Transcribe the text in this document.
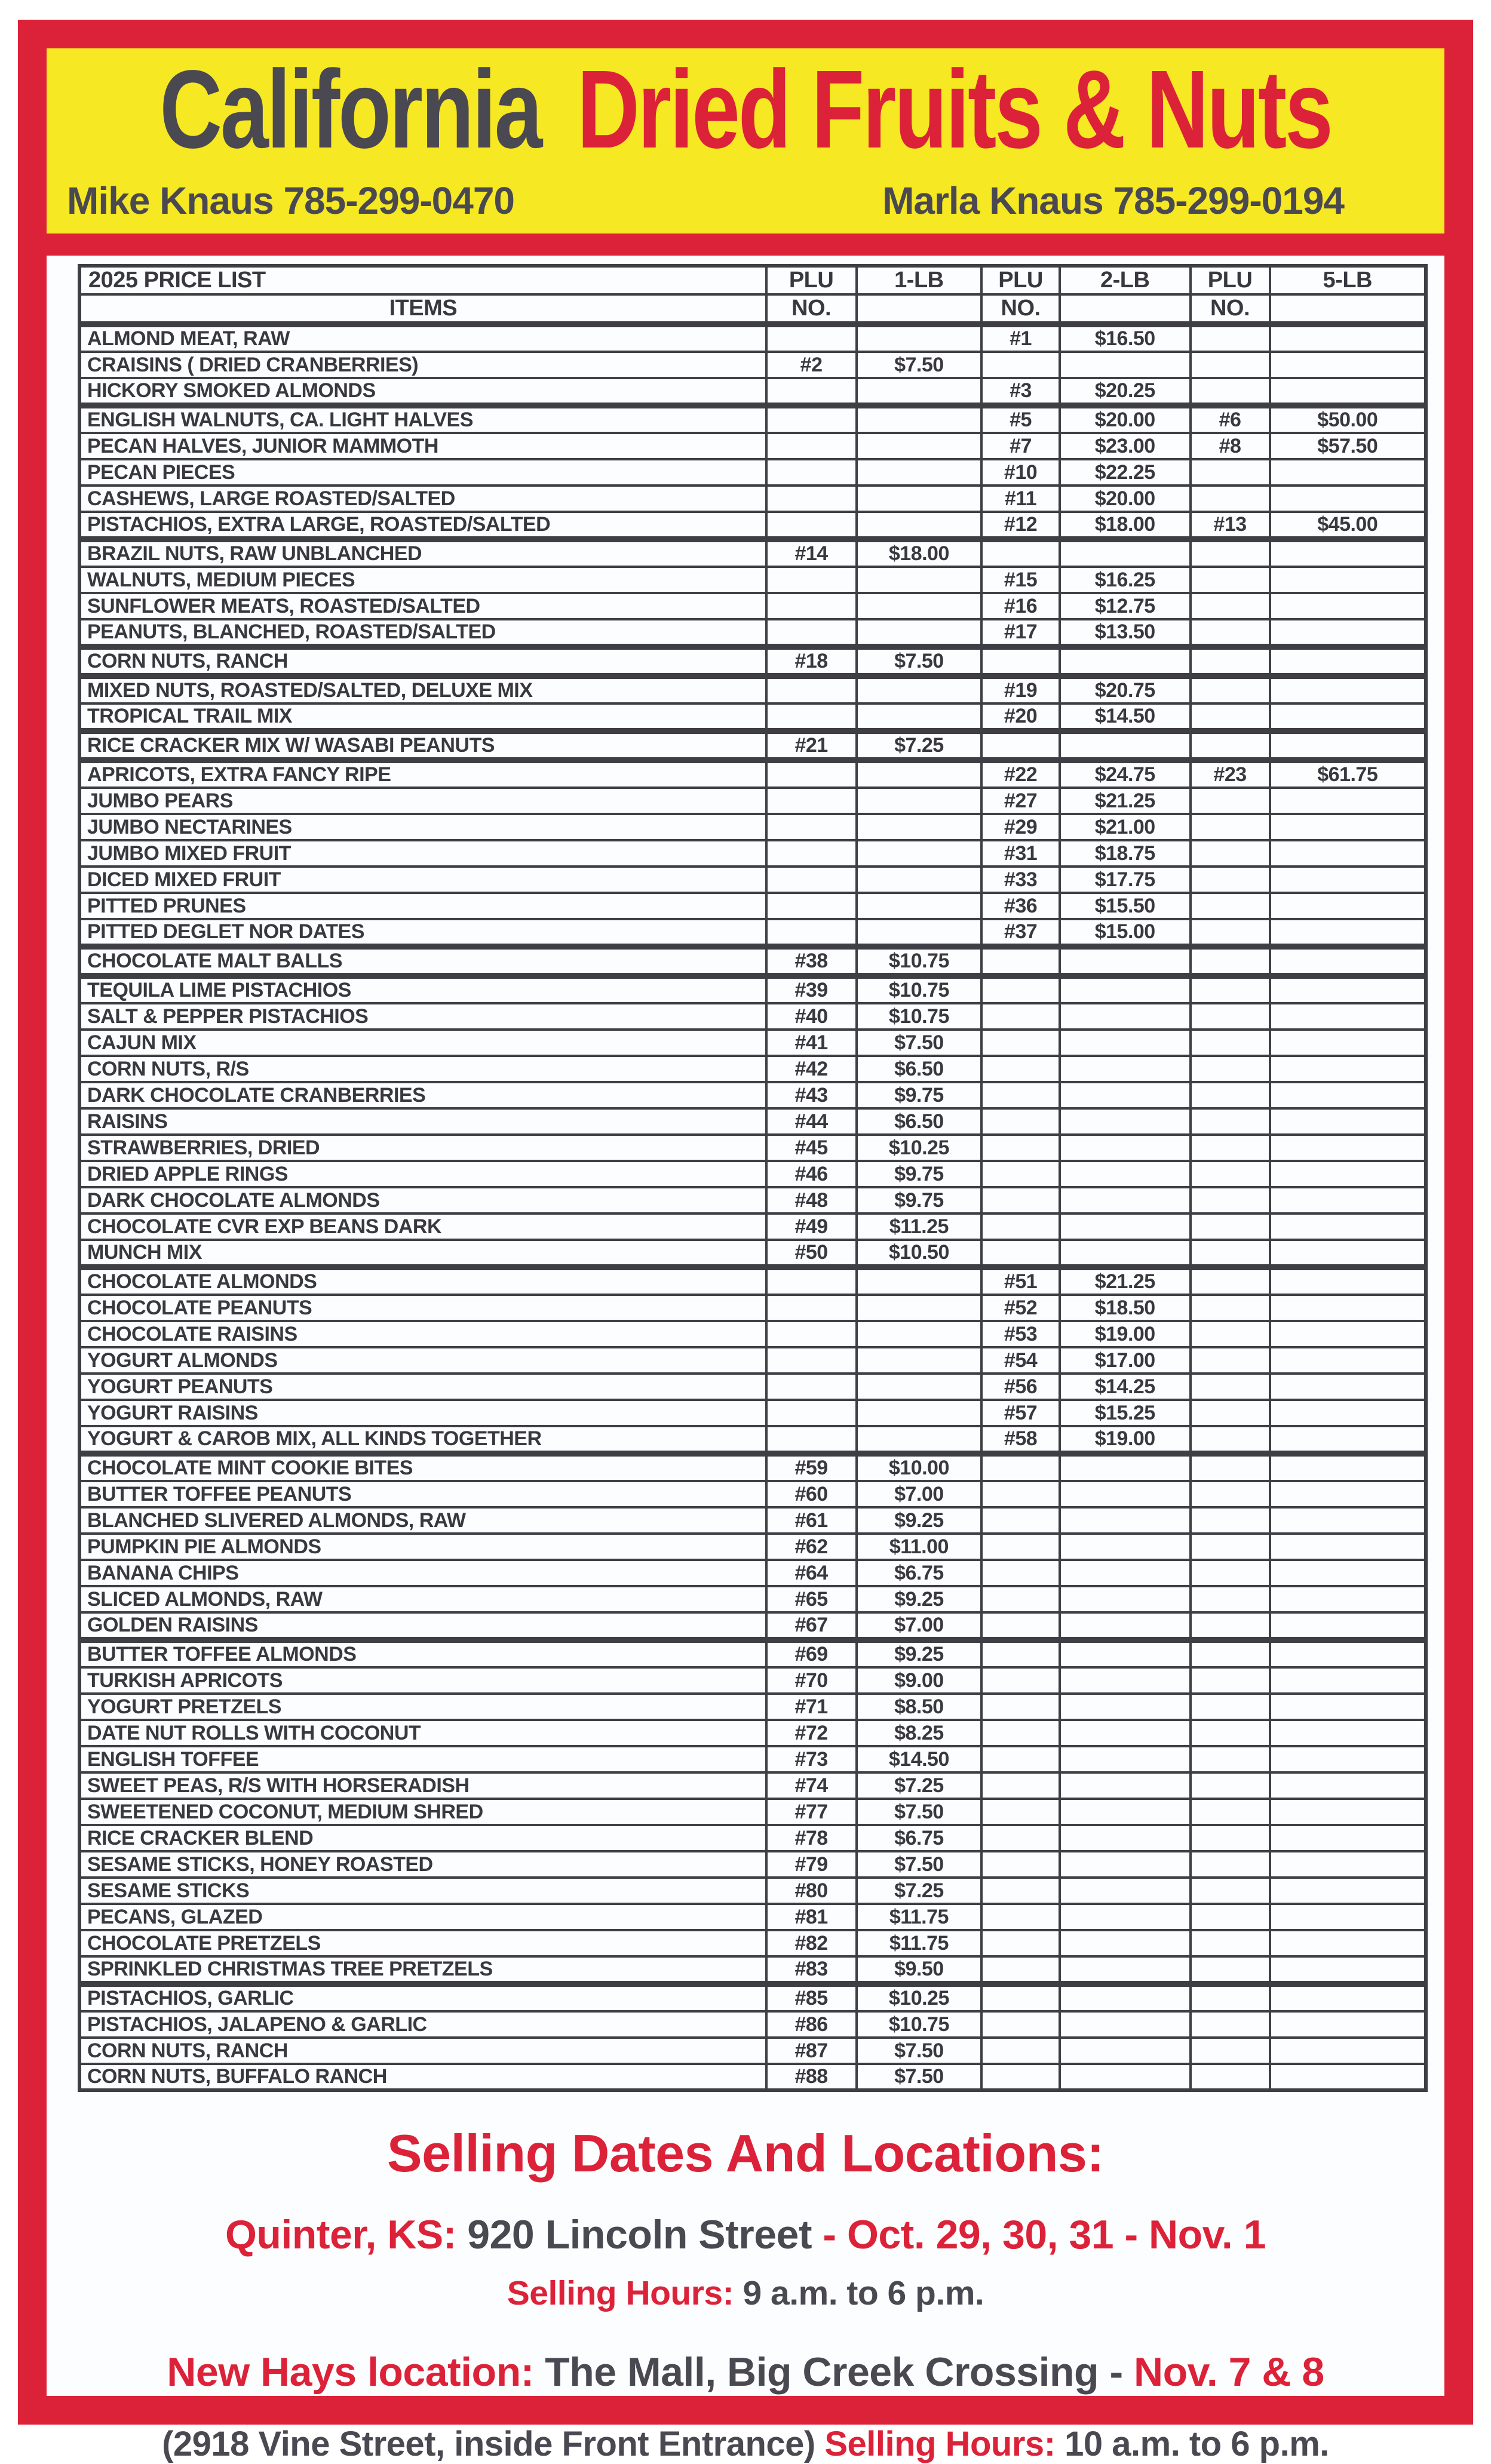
California Dried Fruits & Nuts
Mike Knaus 785-299-0470	Marla Knaus 785-299-0194
2025 PRICE LIST	PLU	1-LB	PLU	2-LB	PLU	5-LB
ITEMS	NO.		NO.		NO.	
ALMOND MEAT, RAW			#1	$16.50		
CRAISINS ( DRIED CRANBERRIES)	#2	$7.50				
HICKORY SMOKED ALMONDS			#3	$20.25		
ENGLISH WALNUTS, CA. LIGHT HALVES			#5	$20.00	#6	$50.00
PECAN HALVES, JUNIOR MAMMOTH			#7	$23.00	#8	$57.50
PECAN PIECES			#10	$22.25		
CASHEWS, LARGE ROASTED/SALTED			#11	$20.00		
PISTACHIOS, EXTRA LARGE, ROASTED/SALTED			#12	$18.00	#13	$45.00
BRAZIL NUTS, RAW UNBLANCHED	#14	$18.00				
WALNUTS, MEDIUM PIECES			#15	$16.25		
SUNFLOWER MEATS, ROASTED/SALTED			#16	$12.75		
PEANUTS, BLANCHED, ROASTED/SALTED			#17	$13.50		
CORN NUTS, RANCH	#18	$7.50				
MIXED NUTS, ROASTED/SALTED, DELUXE MIX			#19	$20.75		
TROPICAL TRAIL MIX			#20	$14.50		
RICE CRACKER MIX W/ WASABI PEANUTS	#21	$7.25				
APRICOTS, EXTRA FANCY RIPE			#22	$24.75	#23	$61.75
JUMBO PEARS			#27	$21.25		
JUMBO NECTARINES			#29	$21.00		
JUMBO MIXED FRUIT			#31	$18.75		
DICED MIXED FRUIT			#33	$17.75		
PITTED PRUNES			#36	$15.50		
PITTED DEGLET NOR DATES			#37	$15.00		
CHOCOLATE MALT BALLS	#38	$10.75				
TEQUILA LIME PISTACHIOS	#39	$10.75				
SALT & PEPPER PISTACHIOS	#40	$10.75				
CAJUN MIX	#41	$7.50				
CORN NUTS, R/S	#42	$6.50				
DARK CHOCOLATE CRANBERRIES	#43	$9.75				
RAISINS	#44	$6.50				
STRAWBERRIES, DRIED	#45	$10.25				
DRIED APPLE RINGS	#46	$9.75				
DARK CHOCOLATE ALMONDS	#48	$9.75				
CHOCOLATE CVR EXP BEANS DARK	#49	$11.25				
MUNCH MIX	#50	$10.50				
CHOCOLATE ALMONDS			#51	$21.25		
CHOCOLATE PEANUTS			#52	$18.50		
CHOCOLATE RAISINS			#53	$19.00		
YOGURT ALMONDS			#54	$17.00		
YOGURT PEANUTS			#56	$14.25		
YOGURT RAISINS			#57	$15.25		
YOGURT & CAROB MIX, ALL KINDS TOGETHER			#58	$19.00		
CHOCOLATE MINT COOKIE BITES	#59	$10.00				
BUTTER TOFFEE PEANUTS	#60	$7.00				
BLANCHED SLIVERED ALMONDS, RAW	#61	$9.25				
PUMPKIN PIE ALMONDS	#62	$11.00				
BANANA CHIPS	#64	$6.75				
SLICED ALMONDS, RAW	#65	$9.25				
GOLDEN RAISINS	#67	$7.00				
BUTTER TOFFEE ALMONDS	#69	$9.25				
TURKISH APRICOTS	#70	$9.00				
YOGURT PRETZELS	#71	$8.50				
DATE NUT ROLLS WITH COCONUT	#72	$8.25				
ENGLISH TOFFEE	#73	$14.50				
SWEET PEAS, R/S WITH HORSERADISH	#74	$7.25				
SWEETENED COCONUT, MEDIUM SHRED	#77	$7.50				
RICE CRACKER BLEND	#78	$6.75				
SESAME STICKS, HONEY ROASTED	#79	$7.50				
SESAME STICKS	#80	$7.25				
PECANS, GLAZED	#81	$11.75				
CHOCOLATE PRETZELS	#82	$11.75				
SPRINKLED CHRISTMAS TREE PRETZELS	#83	$9.50				
PISTACHIOS, GARLIC	#85	$10.25				
PISTACHIOS, JALAPENO & GARLIC	#86	$10.75				
CORN NUTS, RANCH	#87	$7.50				
CORN NUTS, BUFFALO RANCH	#88	$7.50				
Selling Dates And Locations:
Quinter, KS: 920 Lincoln Street - Oct. 29, 30, 31 - Nov. 1
Selling Hours: 9 a.m. to 6 p.m.
New Hays location: The Mall, Big Creek Crossing - Nov. 7 & 8
(2918 Vine Street, inside Front Entrance) Selling Hours: 10 a.m. to 6 p.m.
